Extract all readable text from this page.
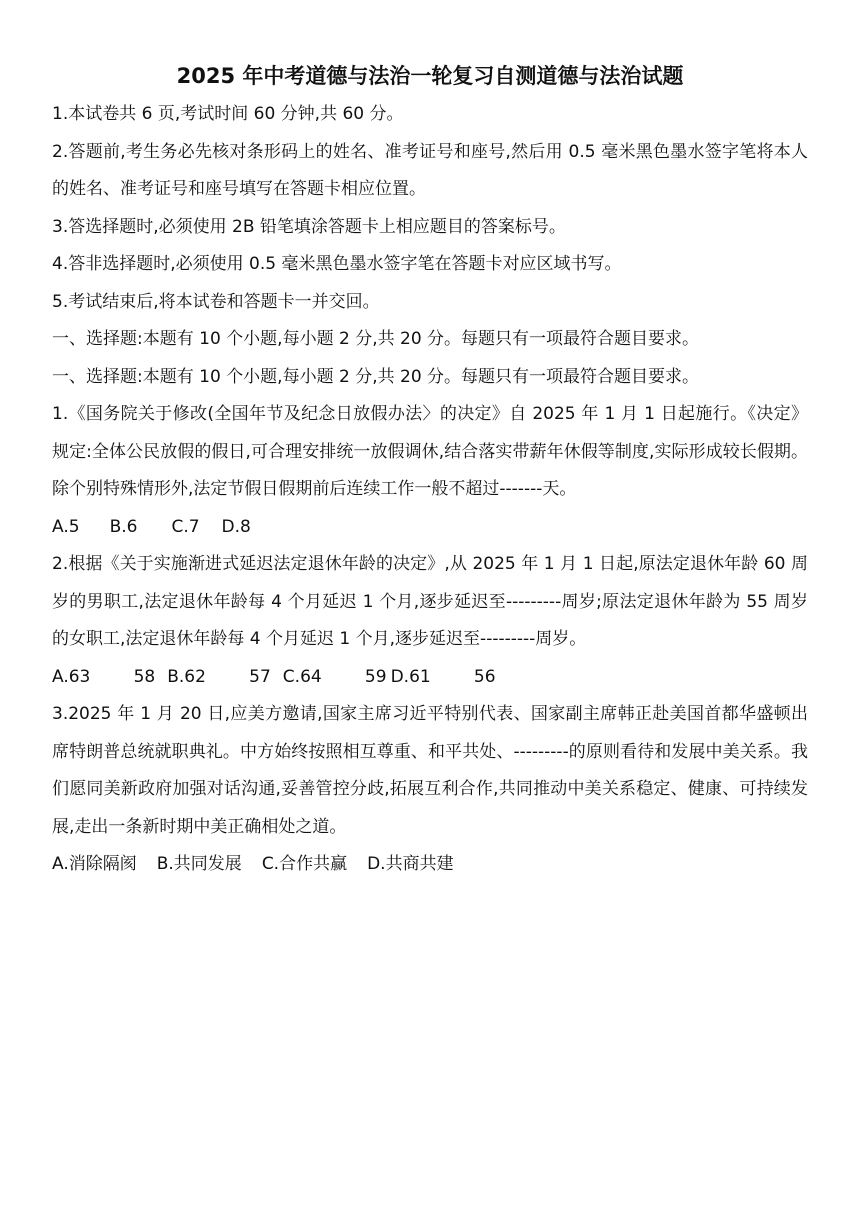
2025 年中考道德与法治一轮复习自测道德与法治试题

1.本试卷共 6 页,考试时间 60 分钟,共 60 分。

2.答题前,考生务必先核对条形码上的姓名、准考证号和座号,然后用 0.5 毫米黑色墨水签字笔将本人的姓名、准考证号和座号填写在答题卡相应位置。

3.答选择题时,必须使用 2B 铅笔填涂答题卡上相应题目的答案标号。

4.答非选择题时,必须使用 0.5 毫米黑色墨水签字笔在答题卡对应区域书写。

5.考试结束后,将本试卷和答题卡一并交回。

一、选择题:本题有 10 个小题,每小题 2 分,共 20 分。每题只有一项最符合题目要求。

一、选择题:本题有 10 个小题,每小题 2 分,共 20 分。每题只有一项最符合题目要求。

1.《国务院关于修改(全国年节及纪念日放假办法〉的决定》自 2025 年 1 月 1 日起施行。《决定》规定:全体公民放假的假日,可合理安排统一放假调休,结合落实带薪年休假等制度,实际形成较长假期。除个别特殊情形外,法定节假日假期前后连续工作一般不超过-------天。

A.5 B.6 C.7 D.8

2.根据《关于实施渐进式延迟法定退休年龄的决定》,从 2025 年 1 月 1 日起,原法定退休年龄 60 周岁的男职工,法定退休年龄每 4 个月延迟 1 个月,逐步延迟至---------周岁;原法定退休年龄为 55 周岁的女职工,法定退休年龄每 4 个月延迟 1 个月,逐步延迟至---------周岁。

A.63        58 B.62        57 C.64        59 D.61        56

3.2025 年 1 月 20 日,应美方邀请,国家主席习近平特别代表、国家副主席韩正赴美国首都华盛顿出席特朗普总统就职典礼。中方始终按照相互尊重、和平共处、---------的原则看待和发展中美关系。我们愿同美新政府加强对话沟通,妥善管控分歧,拓展互利合作,共同推动中美关系稳定、健康、可持续发展,走出一条新时期中美正确相处之道。

A.消除隔阂 B.共同发展 C.合作共赢 D.共商共建
